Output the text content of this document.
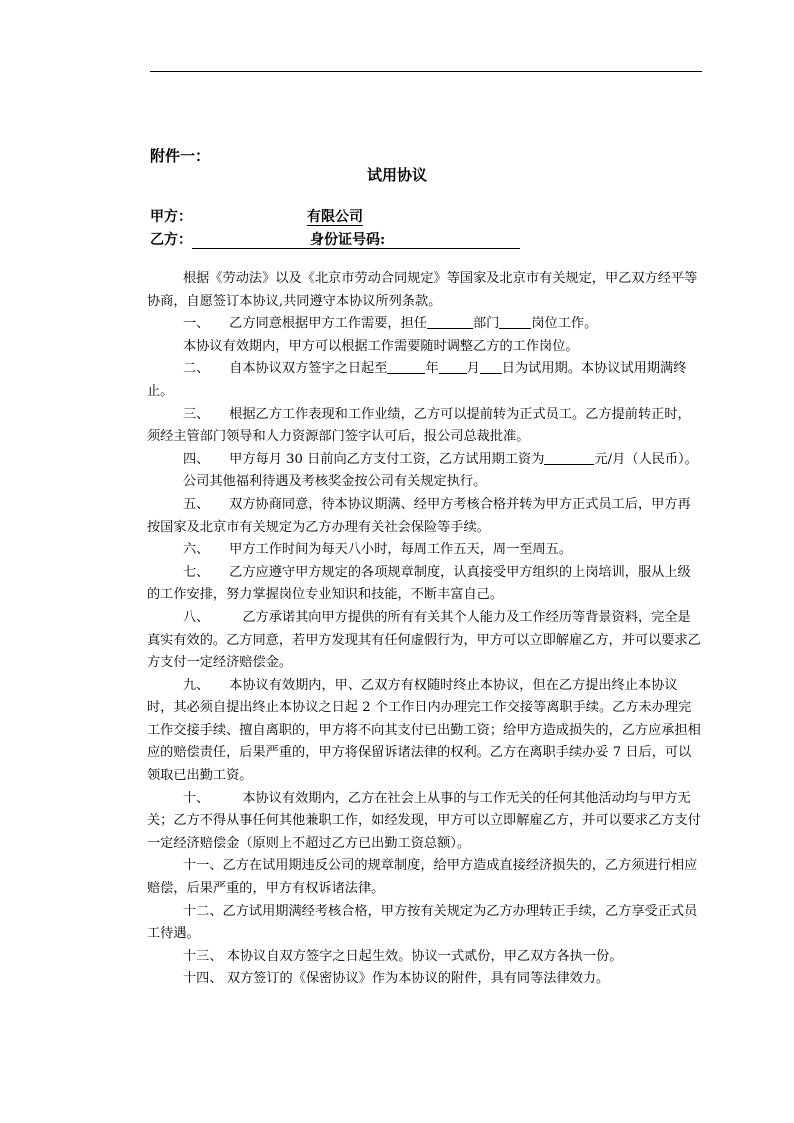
附件一：
试用协议
甲方：	有限公司
乙方：	身份证号码:

根据《劳动法》以及《北京市劳动合同规定》等国家及北京市有关规定，甲乙双方经平等协商，自愿签订本协议,共同遵守本协议所列条款。

一、　　乙方同意根据甲方工作需要，担任	部门 岗位工作。

本协议有效期内，甲方可以根据工作需要随时调整乙方的工作岗位。

二、　　自本协议双方签字之日起至	年 月 日为试用期。本协议试用期满终止。

三、　　根据乙方工作表现和工作业绩，乙方可以提前转为正式员工。乙方提前转正时，须经主管部门领导和人力资源部门签字认可后，报公司总裁批准。

四、　　甲方每月 30 日前向乙方支付工资，乙方试用期工资为	元/月（人民币）。

公司其他福利待遇及考核奖金按公司有关规定执行。

五、　　双方协商同意，待本协议期满、经甲方考核合格并转为甲方正式员工后，甲方再按国家及北京市有关规定为乙方办理有关社会保险等手续。

六、　　甲方工作时间为每天八小时，每周工作五天，周一至周五。

七、　　乙方应遵守甲方规定的各项规章制度，认真接受甲方组织的上岗培训，服从上级的工作安排，努力掌握岗位专业知识和技能，不断丰富自己。

八、　　　乙方承诺其向甲方提供的所有有关其个人能力及工作经历等背景资料，完全是真实有效的。乙方同意，若甲方发现其有任何虚假行为，甲方可以立即解雇乙方，并可以要求乙方支付一定经济赔偿金。

九、　　本协议有效期内，甲、乙双方有权随时终止本协议，但在乙方提出终止本协议时，其必须自提出终止本协议之日起 2 个工作日内办理完工作交接等离职手续。乙方未办理完工作交接手续、擅自离职的，甲方将不向其支付已出勤工资；给甲方造成损失的，乙方应承担相应的赔偿责任，后果严重的，甲方将保留诉诸法律的权利。乙方在离职手续办妥 7 日后，可以领取已出勤工资。

十、　　　本协议有效期内，乙方在社会上从事的与工作无关的任何其他活动均与甲方无关；乙方不得从事任何其他兼职工作，如经发现，甲方可以立即解雇乙方，并可以要求乙方支付一定经济赔偿金（原则上不超过乙方已出勤工资总额）。

十一、乙方在试用期违反公司的规章制度，给甲方造成直接经济损失的，乙方须进行相应赔偿，后果严重的，甲方有权诉诸法律。

十二、乙方试用期满经考核合格，甲方按有关规定为乙方办理转正手续，乙方享受正式员工待遇。

十三、 本协议自双方签字之日起生效。协议一式贰份，甲乙双方各执一份。

十四、 双方签订的《保密协议》作为本协议的附件，具有同等法律效力。
